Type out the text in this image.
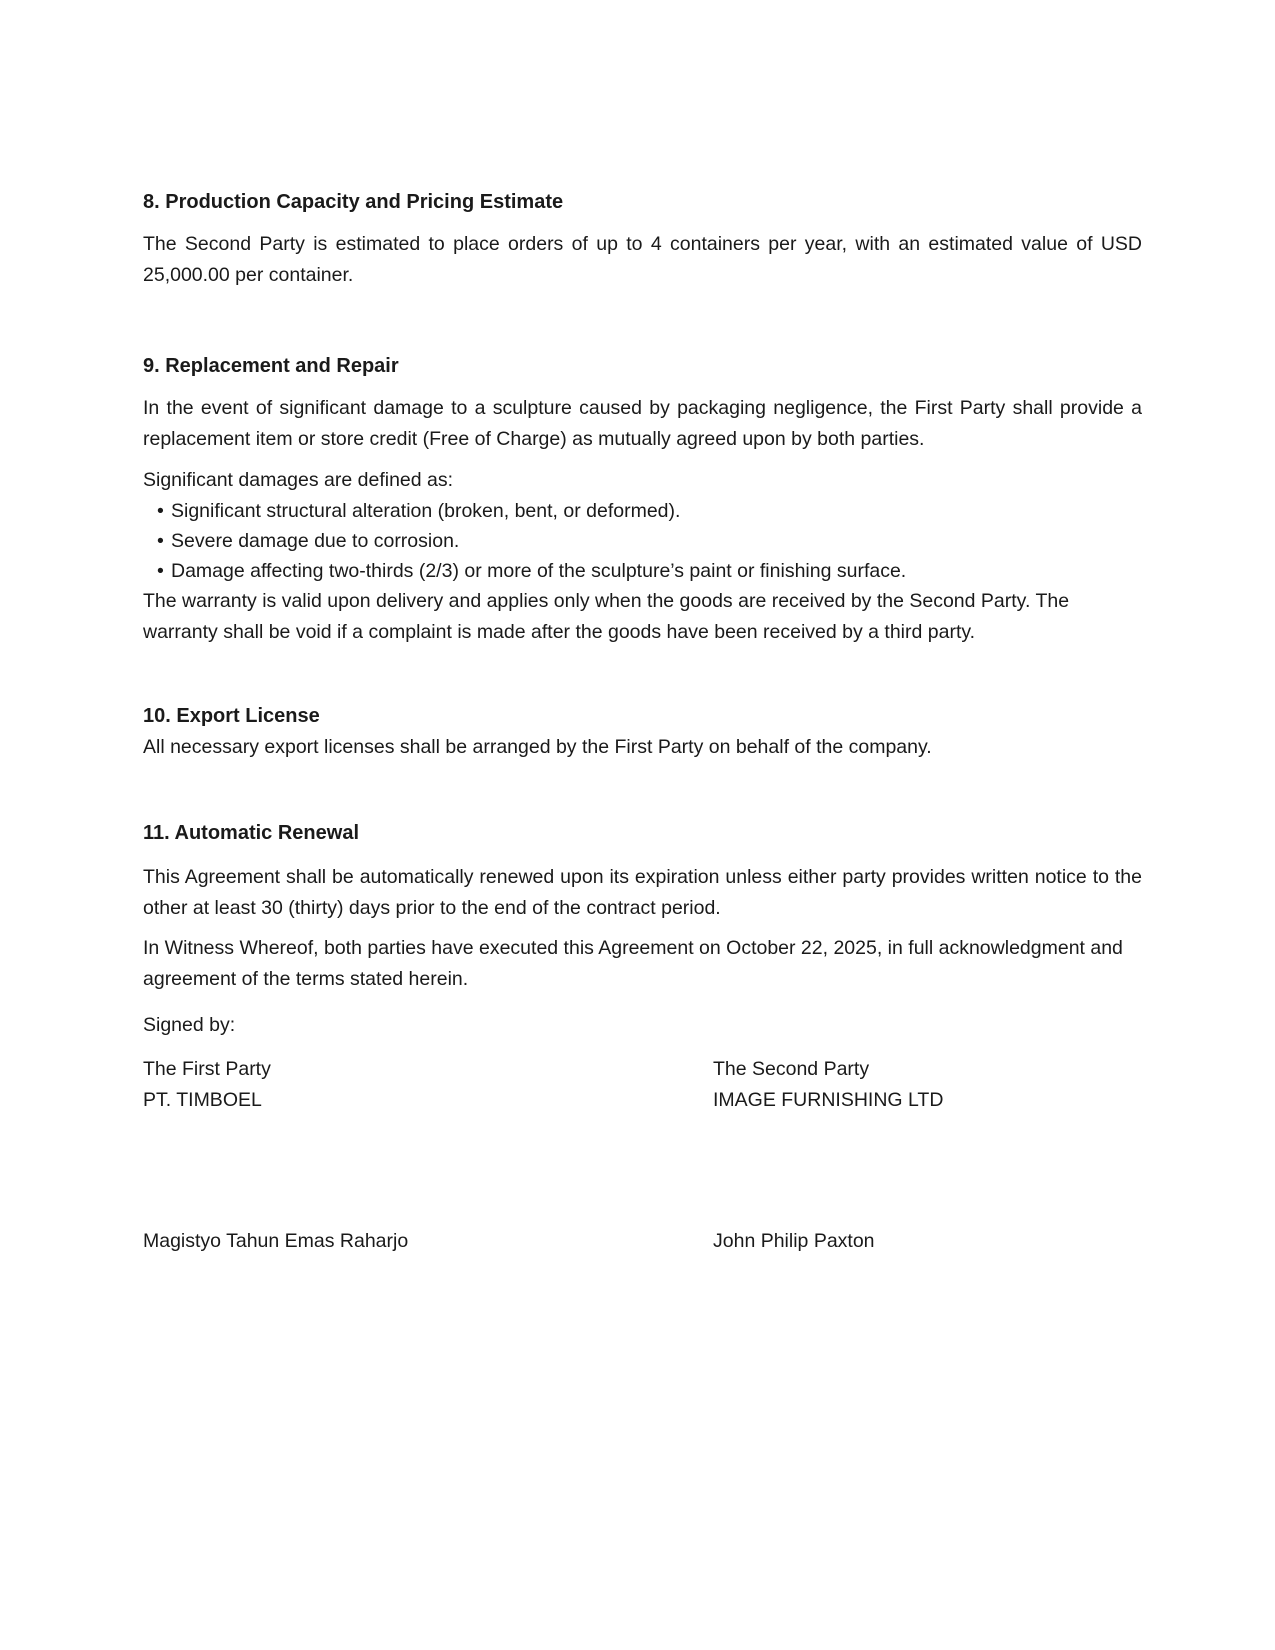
8. Production Capacity and Pricing Estimate

The Second Party is estimated to place orders of up to 4 containers per year, with an estimated value of USD 25,000.00 per container.

9. Replacement and Repair

In the event of significant damage to a sculpture caused by packaging negligence, the First Party shall provide a replacement item or store credit (Free of Charge) as mutually agreed upon by both parties.

Significant damages are defined as:

• Significant structural alteration (broken, bent, or deformed).
• Severe damage due to corrosion.
• Damage affecting two-thirds (2/3) or more of the sculpture’s paint or finishing surface.

The warranty is valid upon delivery and applies only when the goods are received by the Second Party. The warranty shall be void if a complaint is made after the goods have been received by a third party.

10. Export License

All necessary export licenses shall be arranged by the First Party on behalf of the company.

11. Automatic Renewal

This Agreement shall be automatically renewed upon its expiration unless either party provides written notice to the other at least 30 (thirty) days prior to the end of the contract period.

In Witness Whereof, both parties have executed this Agreement on October 22, 2025, in full acknowledgment and agreement of the terms stated herein.

Signed by:

The First Party
PT. TIMBOEL
The Second Party
IMAGE FURNISHING LTD
Magistyo Tahun Emas Raharjo	John Philip Paxton
